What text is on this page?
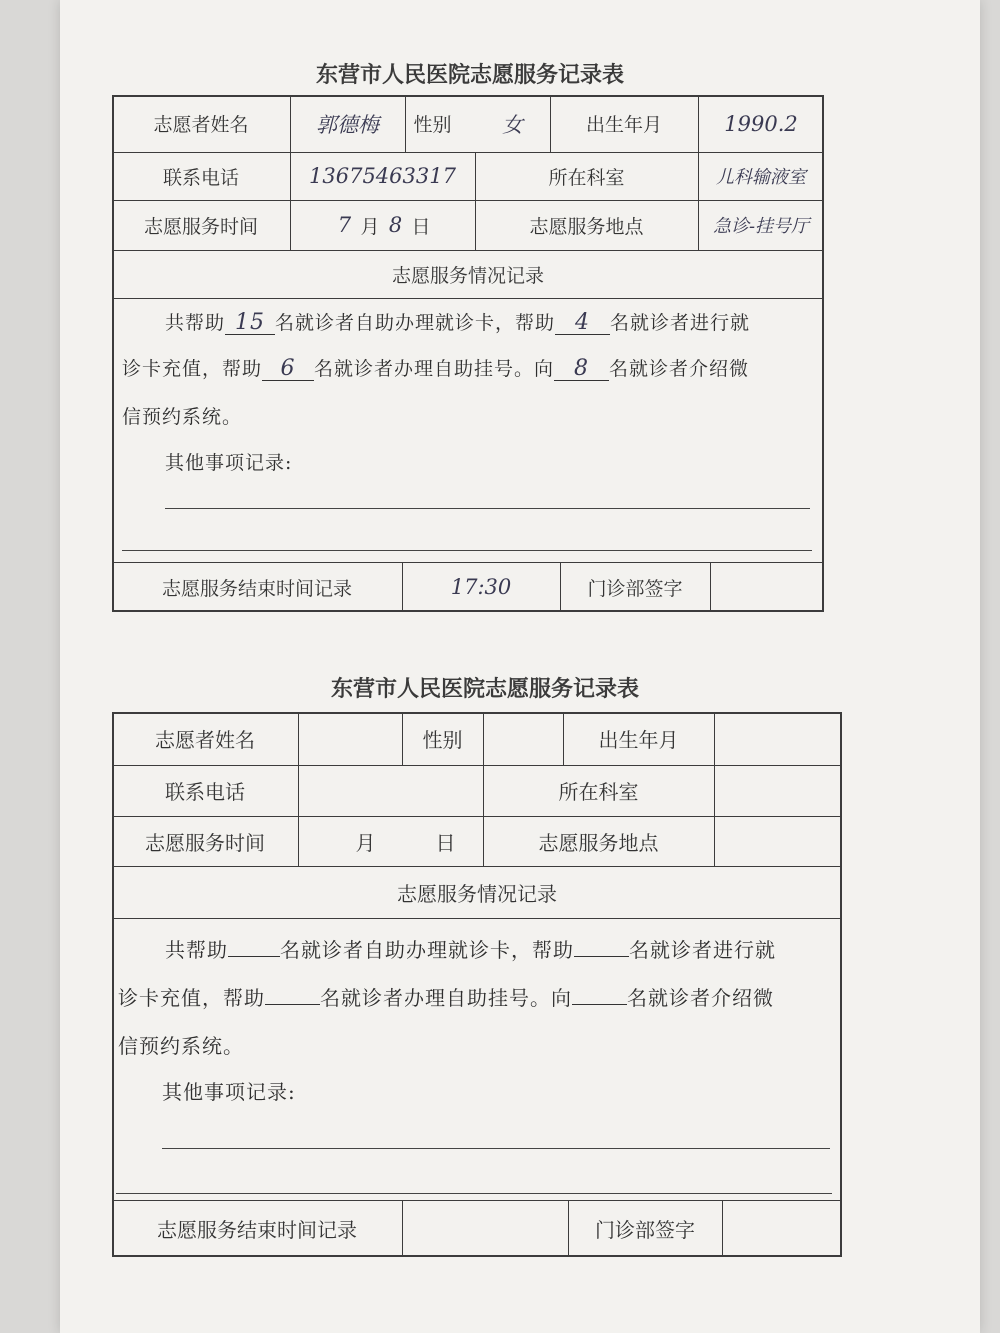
东营市人民医院志愿服务记录表
志愿者姓名	郭德梅	性别	女	出生年月	1990.2
联系电话	13675463317	所在科室	儿科输液室
志愿服务时间	7 月 8 日	志愿服务地点	急诊-挂号厅
志愿服务情况记录
共帮助 15 名就诊者自助办理就诊卡，帮助 4 名就诊者进行就
诊卡充值，帮助 6 名就诊者办理自助挂号。向 8 名就诊者介绍微
信预约系统。
其他事项记录:
志愿服务结束时间记录	17:30	门诊部签字
东营市人民医院志愿服务记录表
志愿者姓名	性别	出生年月
联系电话	所在科室
志愿服务时间	月	日	志愿服务地点
志愿服务情况记录
共帮助	名就诊者自助办理就诊卡，帮助	名就诊者进行就
诊卡充值，帮助	名就诊者办理自助挂号。向	名就诊者介绍微
信预约系统。
其他事项记录:
志愿服务结束时间记录	门诊部签字
